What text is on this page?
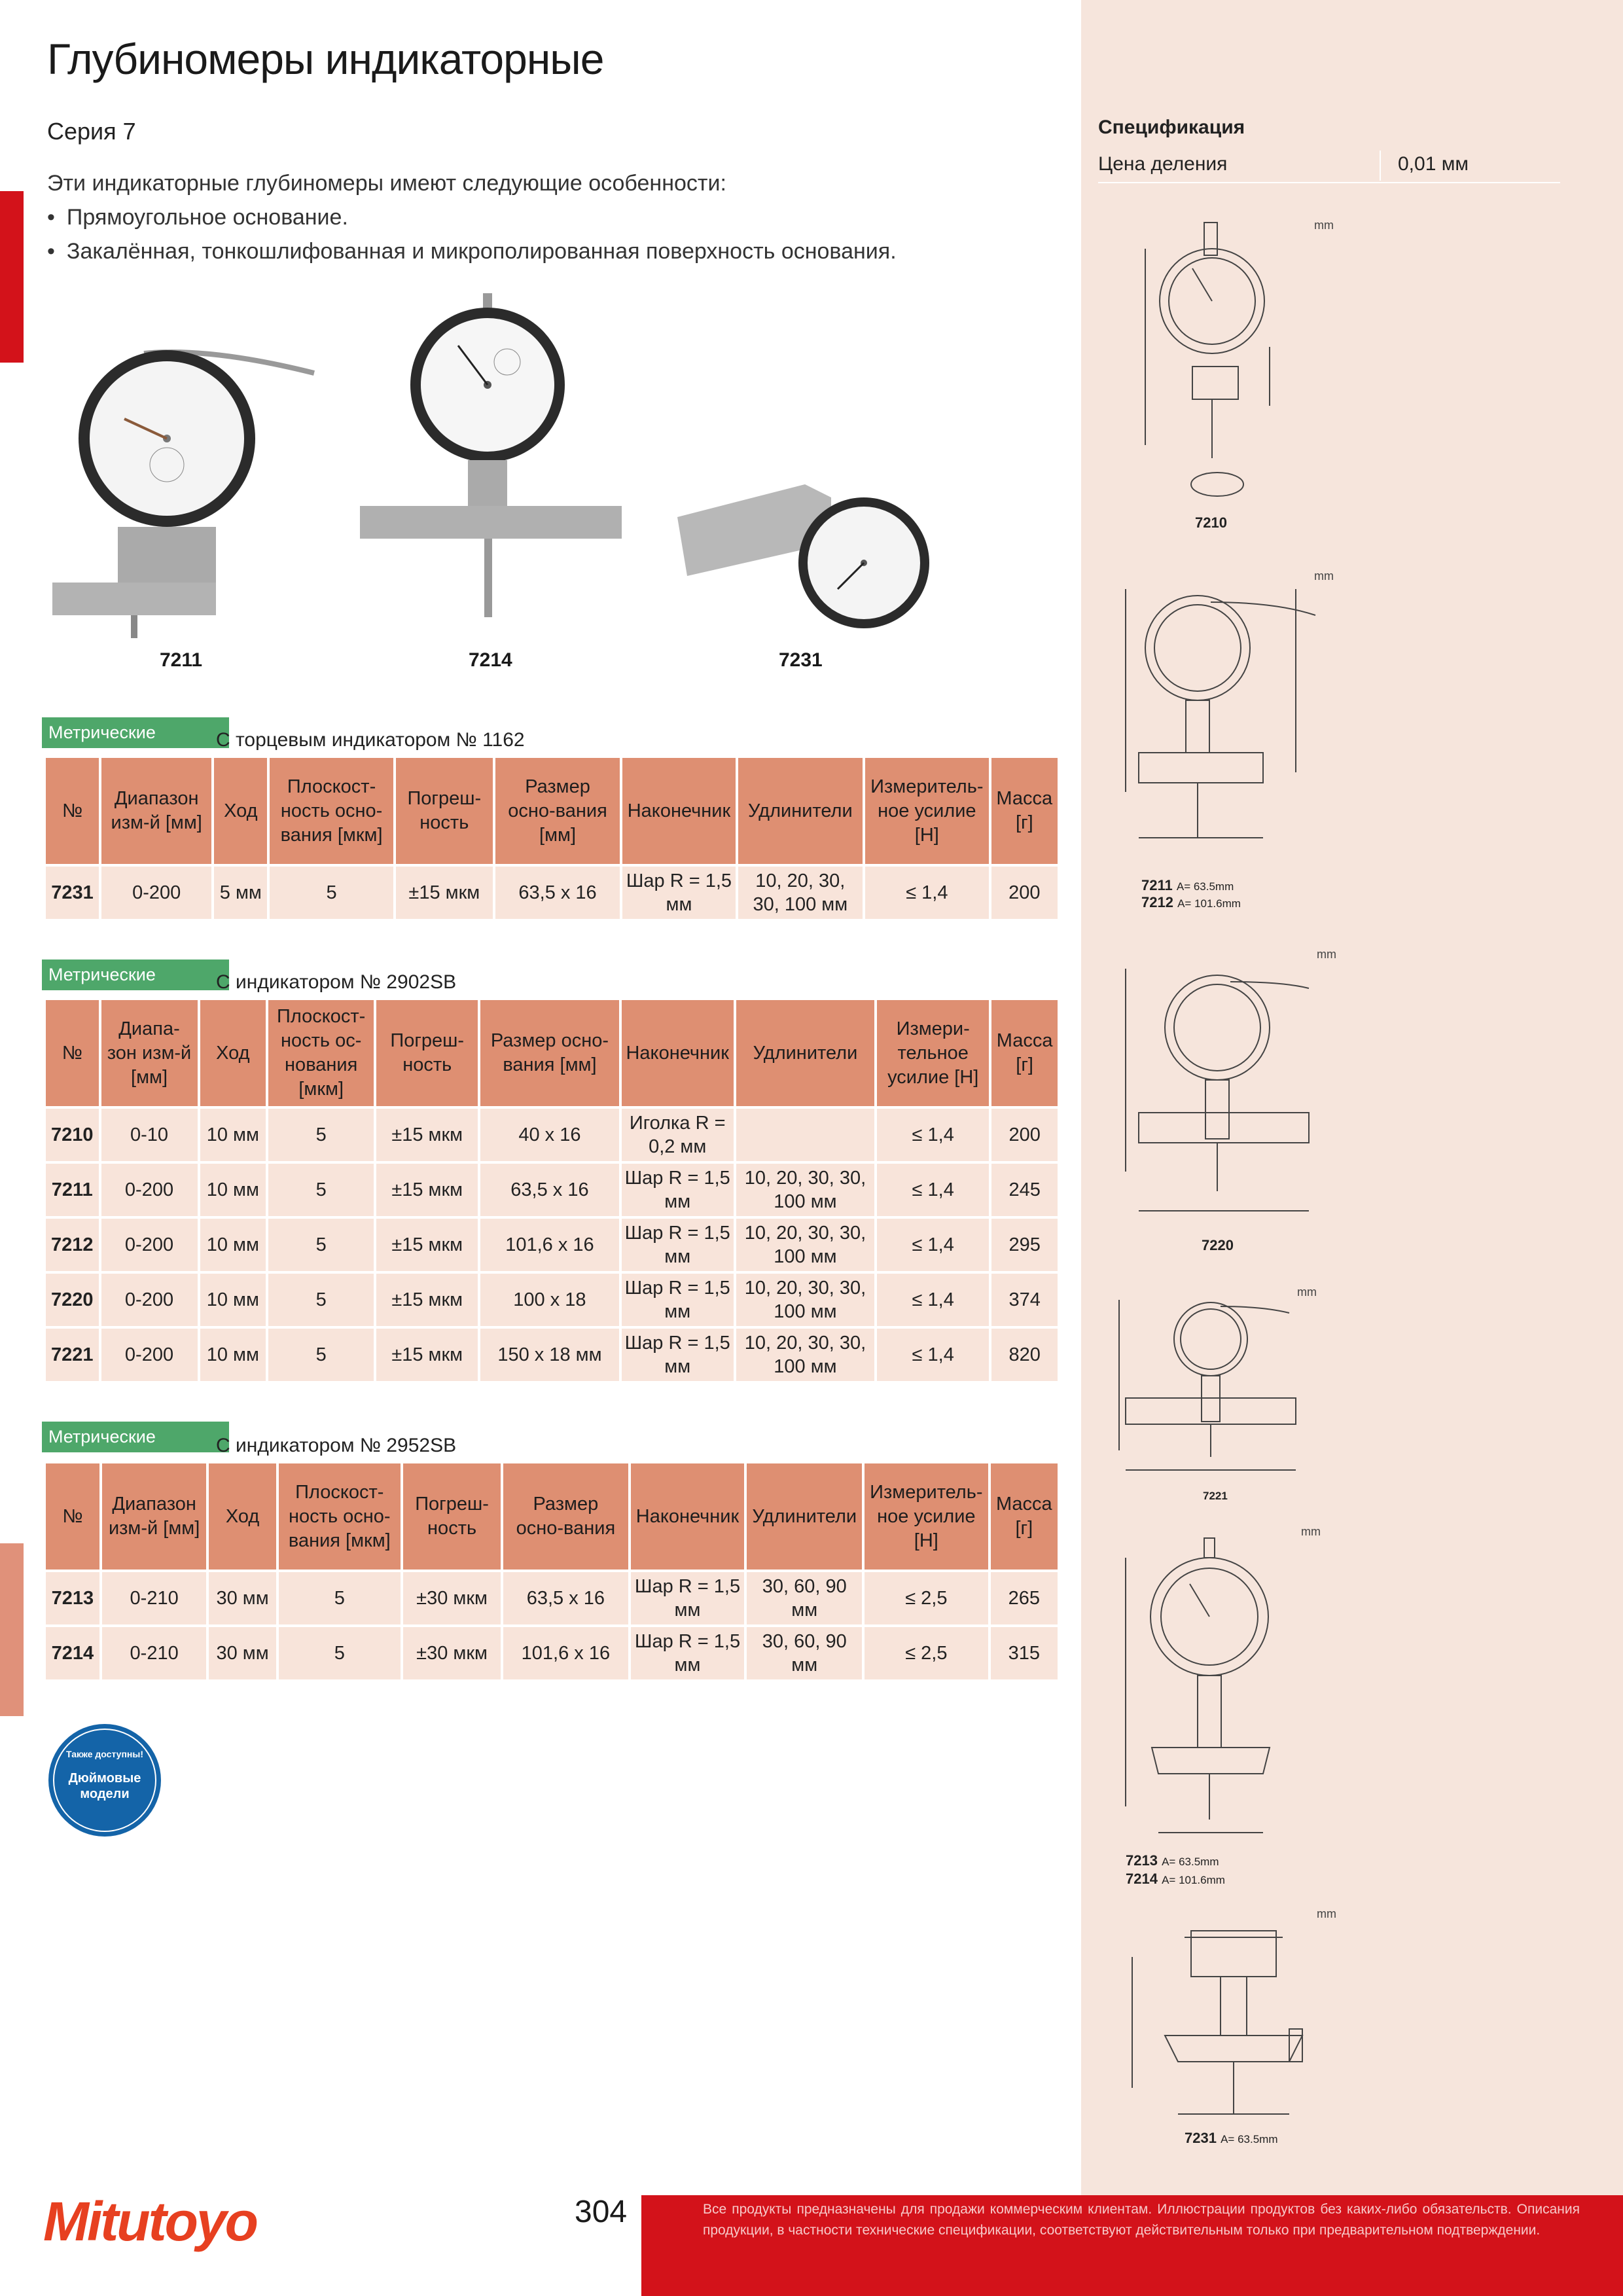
Глубиномеры индикаторные
Серия 7
Эти индикаторные глубиномеры имеют следующие особенности:
• Прямоугольное основание.
• Закалённая, тонкошлифованная и микрополированная поверхность основания.
7211	7214	7231
Метрические	С торцевым индикатором № 1162
№	Диапазон изм-й [мм]	Ход	Плоскост-ность осно-вания [мкм]	Погреш-ность	Размер осно-вания [мм]	Наконечник	Удлинители	Измеритель-ное усилие [Н]	Масса [г]
7231	0-200	5 мм	5	±15 мкм	63,5 x 16	Шар R = 1,5 мм	10, 20, 30, 30, 100 мм	≤ 1,4	200
Метрические	С индикатором № 2902SB
№	Диапа-зон изм-й [мм]	Ход	Плоскост-ность ос-нования [мкм]	Погреш-ность	Размер осно-вания [мм]	Наконечник	Удлинители	Измери-тельное усилие [Н]	Масса [г]
7210	0-10	10 мм	5	±15 мкм	40 x 16	Иголка R = 0,2 мм		≤ 1,4	200
7211	0-200	10 мм	5	±15 мкм	63,5 x 16	Шар R = 1,5 мм	10, 20, 30, 30, 100 мм	≤ 1,4	245
7212	0-200	10 мм	5	±15 мкм	101,6 x 16	Шар R = 1,5 мм	10, 20, 30, 30, 100 мм	≤ 1,4	295
7220	0-200	10 мм	5	±15 мкм	100 x 18	Шар R = 1,5 мм	10, 20, 30, 30, 100 мм	≤ 1,4	374
7221	0-200	10 мм	5	±15 мкм	150 x 18 мм	Шар R = 1,5 мм	10, 20, 30, 30, 100 мм	≤ 1,4	820
Метрические	С индикатором № 2952SB
№	Диапазон изм-й [мм]	Ход	Плоскост-ность осно-вания [мкм]	Погреш-ность	Размер осно-вания	Наконечник	Удлинители	Измеритель-ное усилие [Н]	Масса [г]
7213	0-210	30 мм	5	±30 мкм	63,5 x 16	Шар R = 1,5 мм	30, 60, 90 мм	≤ 2,5	265
7214	0-210	30 мм	5	±30 мкм	101,6 x 16	Шар R = 1,5 мм	30, 60, 90 мм	≤ 2,5	315
Спецификация
Цена деления	0,01 мм
mm
7210
mm
7211 A= 63.5mm
7212 A= 101.6mm
mm
7220
mm
7221
mm
7213 A= 63.5mm
7214 A= 101.6mm
mm
7231 A= 63.5mm
Также доступны!
Дюймовые
модели
Mitutoyo	304	Все продукты предназначены для продажи коммерческим клиентам. Иллюстрации продуктов без каких-либо обязательств. Описания продукции, в частности технические спецификации, соответствуют действительным только при предварительном подтверждении.
